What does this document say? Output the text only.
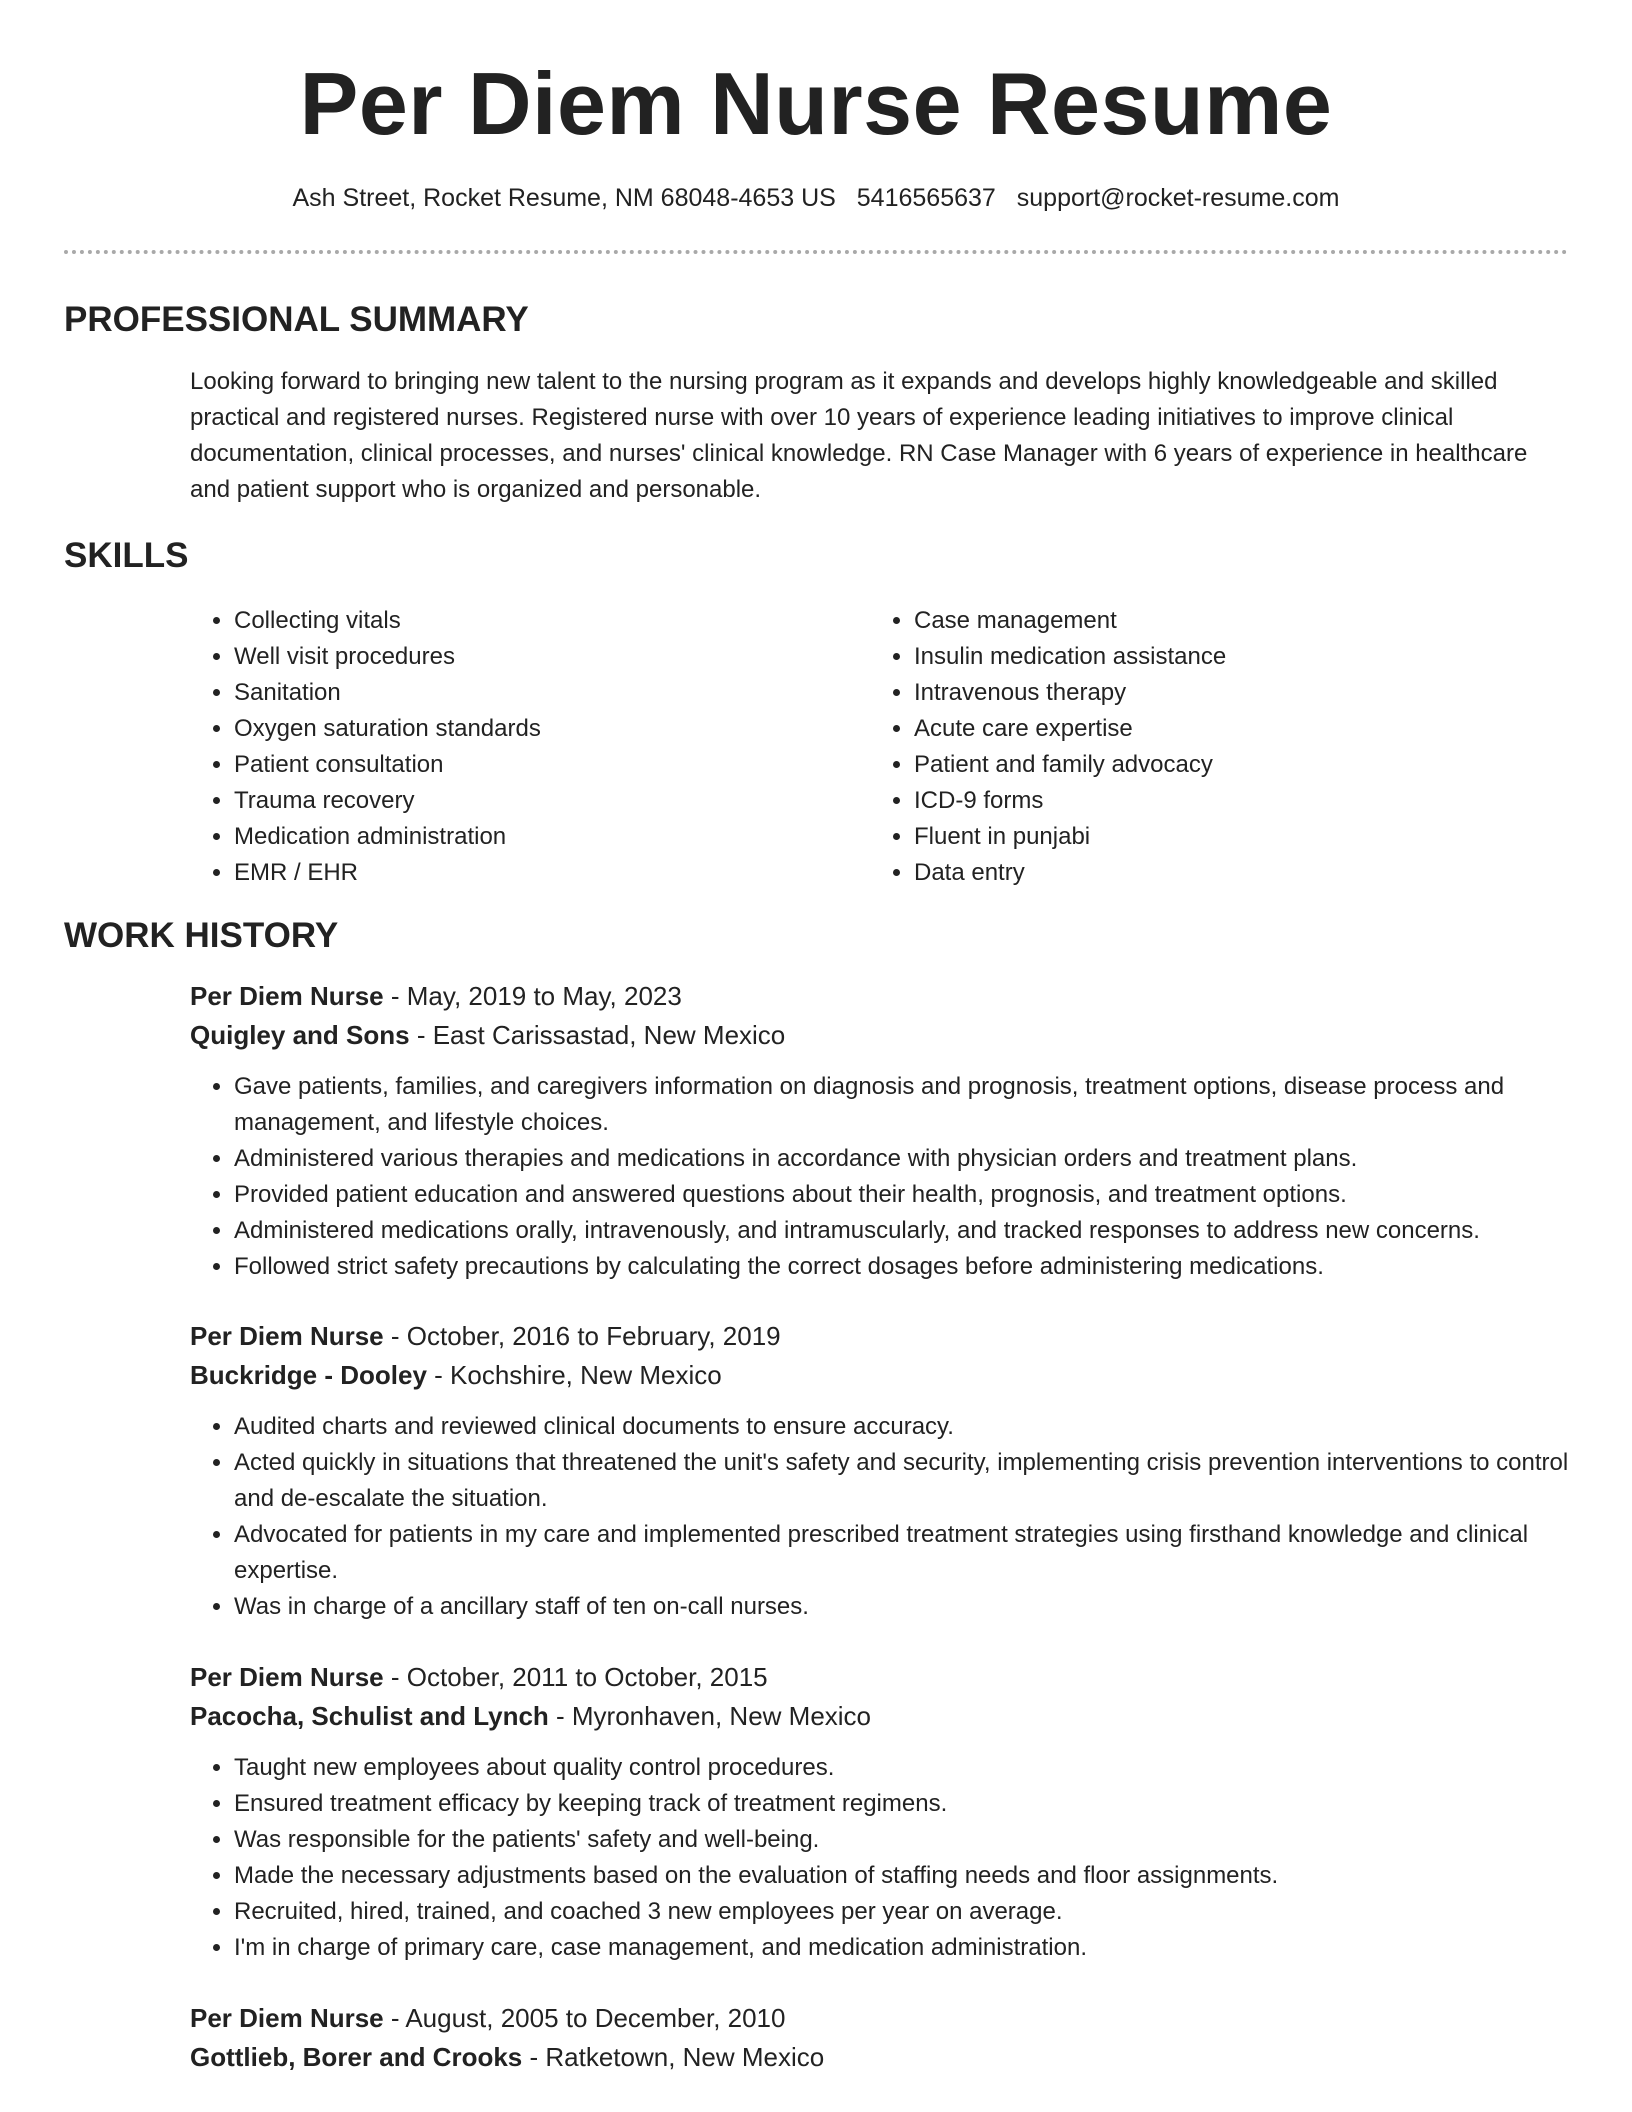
Per Diem Nurse Resume
Ash Street, Rocket Resume, NM 68048-4653 US 5416565637 support@rocket-resume.com
PROFESSIONAL SUMMARY

Looking forward to bringing new talent to the nursing program as it expands and develops highly knowledgeable and skilled practical and registered nurses. Registered nurse with over 10 years of experience leading initiatives to improve clinical documentation, clinical processes, and nurses' clinical knowledge. RN Case Manager with 6 years of experience in healthcare and patient support who is organized and personable.

SKILLS
• Collecting vitals
• Well visit procedures
• Sanitation
• Oxygen saturation standards
• Patient consultation
• Trauma recovery
• Medication administration
• EMR / EHR
• Case management
• Insulin medication assistance
• Intravenous therapy
• Acute care expertise
• Patient and family advocacy
• ICD-9 forms
• Fluent in punjabi
• Data entry
WORK HISTORY

Per Diem Nurse - May, 2019 to May, 2023

Quigley and Sons - East Carissastad, New Mexico

• Gave patients, families, and caregivers information on diagnosis and prognosis, treatment options, disease process and management, and lifestyle choices.
• Administered various therapies and medications in accordance with physician orders and treatment plans.
• Provided patient education and answered questions about their health, prognosis, and treatment options.
• Administered medications orally, intravenously, and intramuscularly, and tracked responses to address new concerns.
• Followed strict safety precautions by calculating the correct dosages before administering medications.

Per Diem Nurse - October, 2016 to February, 2019

Buckridge - Dooley - Kochshire, New Mexico

• Audited charts and reviewed clinical documents to ensure accuracy.
• Acted quickly in situations that threatened the unit's safety and security, implementing crisis prevention interventions to control and de-escalate the situation.
• Advocated for patients in my care and implemented prescribed treatment strategies using firsthand knowledge and clinical expertise.
• Was in charge of a ancillary staff of ten on-call nurses.

Per Diem Nurse - October, 2011 to October, 2015

Pacocha, Schulist and Lynch - Myronhaven, New Mexico

• Taught new employees about quality control procedures.
• Ensured treatment efficacy by keeping track of treatment regimens.
• Was responsible for the patients' safety and well-being.
• Made the necessary adjustments based on the evaluation of staffing needs and floor assignments.
• Recruited, hired, trained, and coached 3 new employees per year on average.
• I'm in charge of primary care, case management, and medication administration.

Per Diem Nurse - August, 2005 to December, 2010

Gottlieb, Borer and Crooks - Ratketown, New Mexico
